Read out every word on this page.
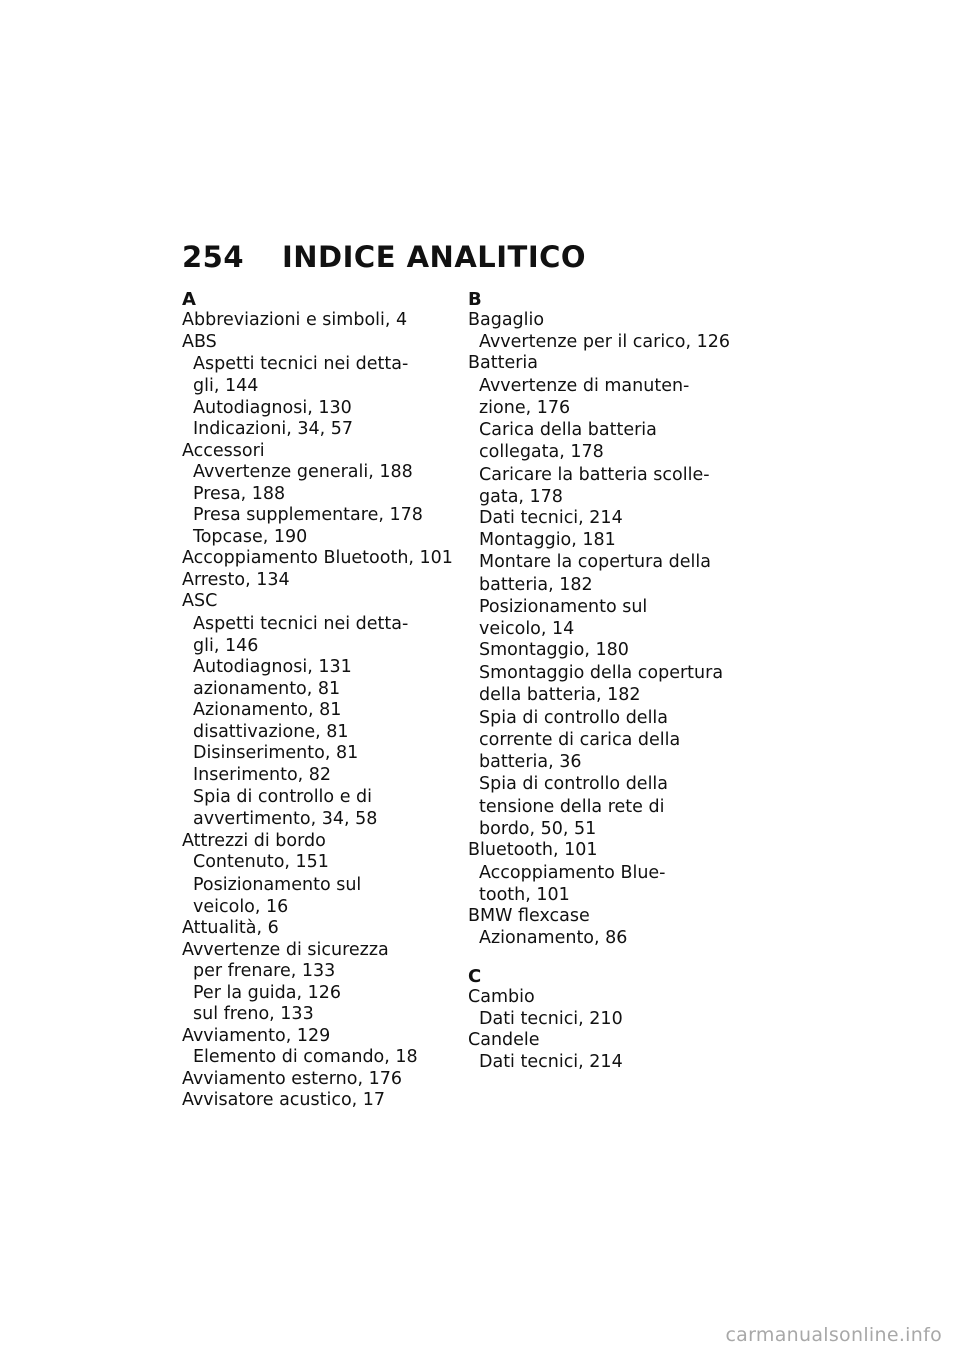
254	INDICE ANALITICO
A
Abbreviazioni e simboli, 4
ABS
Aspetti tecnici nei detta-
gli, 144
Autodiagnosi, 130
Indicazioni, 34, 57
Accessori
Avvertenze generali, 188
Presa, 188
Presa supplementare, 178
Topcase, 190
Accoppiamento Bluetooth, 101
Arresto, 134
ASC
Aspetti tecnici nei detta-
gli, 146
Autodiagnosi, 131
azionamento, 81
Azionamento, 81
disattivazione, 81
Disinserimento, 81
Inserimento, 82
Spia di controllo e di
avvertimento, 34, 58
Attrezzi di bordo
Contenuto, 151
Posizionamento sul
veicolo, 16
Attualità, 6
Avvertenze di sicurezza
per frenare, 133
Per la guida, 126
sul freno, 133
Avviamento, 129
Elemento di comando, 18
Avviamento esterno, 176
Avvisatore acustico, 17
B
Bagaglio
Avvertenze per il carico, 126
Batteria
Avvertenze di manuten-
zione, 176
Carica della batteria
collegata, 178
Caricare la batteria scolle-
gata, 178
Dati tecnici, 214
Montaggio, 181
Montare la copertura della
batteria, 182
Posizionamento sul
veicolo, 14
Smontaggio, 180
Smontaggio della copertura
della batteria, 182
Spia di controllo della
corrente di carica della
batteria, 36
Spia di controllo della
tensione della rete di
bordo, 50, 51
Bluetooth, 101
Accoppiamento Blue-
tooth, 101
BMW flexcase
Azionamento, 86
C
Cambio
Dati tecnici, 210
Candele
Dati tecnici, 214
carmanualsonline.info
